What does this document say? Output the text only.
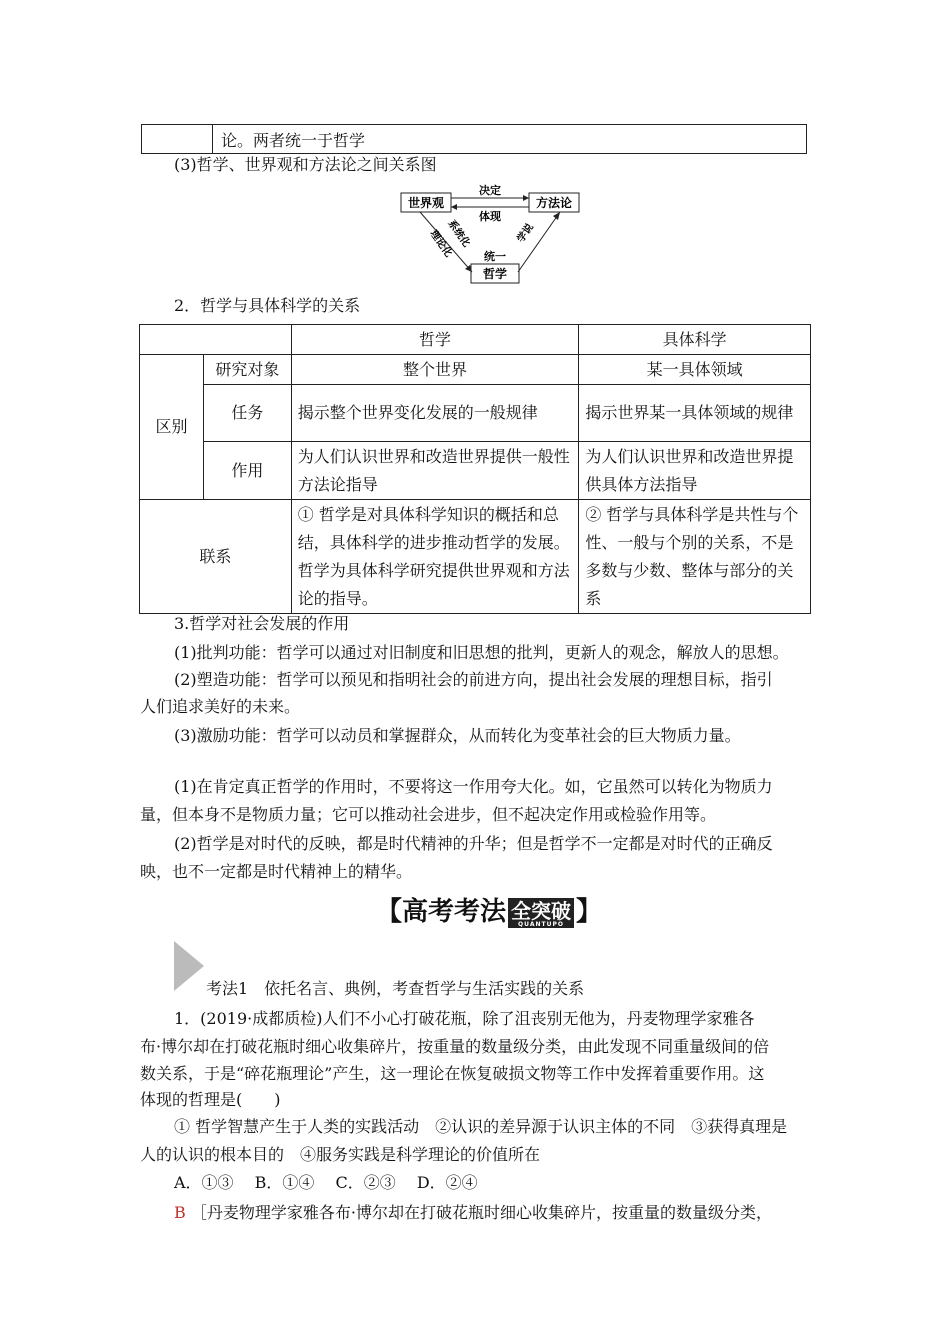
	论。两者统一于哲学
(3)哲学、世界观和方法论之间关系图
世界观	方法论
哲学
决定
体现
统一
系统化
理论化	学说
2．哲学与具体科学的关系
		哲学	具体科学
区别	研究对象	整个世界	某一具体领域
	任务	揭示整个世界变化发展的一般规律	揭示世界某一具体领域的规律
	作用	为人们认识世界和改造世界提供一般性方法论指导	为人们认识世界和改造世界提供具体方法指导
联系		① 哲学是对具体科学知识的概括和总结，具体科学的进步推动哲学的发展。哲学为具体科学研究提供世界观和方法论的指导。	② 哲学与具体科学是共性与个性、一般与个别的关系，不是多数与少数、整体与部分的关系
3.哲学对社会发展的作用
(1)批判功能：哲学可以通过对旧制度和旧思想的批判，更新人的观念，解放人的思想。
(2)塑造功能：哲学可以预见和指明社会的前进方向，提出社会发展的理想目标，指引
人们追求美好的未来。
(3)激励功能：哲学可以动员和掌握群众，从而转化为变革社会的巨大物质力量。
(1)在肯定真正哲学的作用时，不要将这一作用夸大化。如，它虽然可以转化为物质力
量，但本身不是物质力量；它可以推动社会进步，但不起决定作用或检验作用等。
(2)哲学是对时代的反映，都是时代精神的升华；但是哲学不一定都是对时代的正确反
映，也不一定都是时代精神上的精华。
【高考考法 全突破
QUANTUPO 】
考法1　依托名言、典例，考查哲学与生活实践的关系
1．(2019·成都质检)人们不小心打破花瓶，除了沮丧别无他为，丹麦物理学家雅各
布·博尔却在打破花瓶时细心收集碎片，按重量的数量级分类，由此发现不同重量级间的倍
数关系，于是“碎花瓶理论”产生，这一理论在恢复破损文物等工作中发挥着重要作用。这
体现的哲理是(　　)
① 哲学智慧产生于人类的实践活动　②认识的差异源于认识主体的不同　③获得真理是
人的认识的根本目的　④服务实践是科学理论的价值所在
A．①③　 B．①④　 C．②③　 D．②④
B ［丹麦物理学家雅各布·博尔却在打破花瓶时细心收集碎片，按重量的数量级分类，
